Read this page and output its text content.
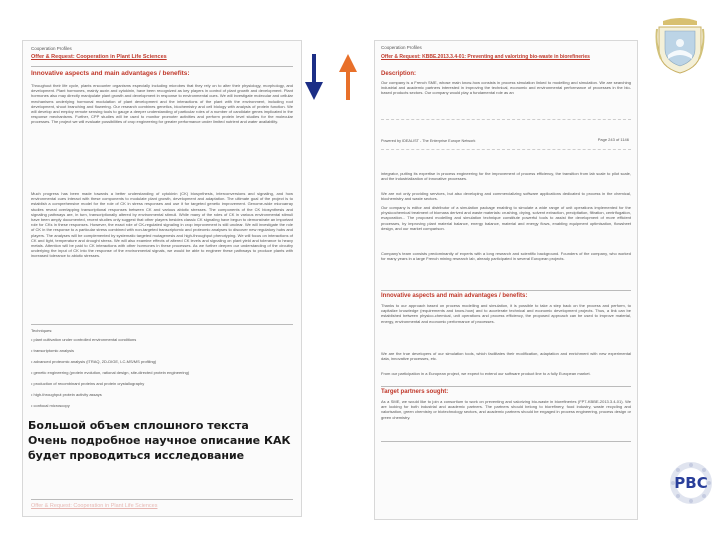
Cooperation Profiles
Offer & Request: Cooperation in Plant Life Sciences
Innovative aspects and main advantages / benefits:
Throughout their life cycle, plants encounter organisms especially including microbes that they rely on to alter their physiology, morphology, and development. Plant hormones, mainly auxin and cytokinin, have been recognized as key players in control of plant growth and development. Plant hormones also may directly manipulate plant growth and development in response to environmental cues. We will investigate molecular and cellular mechanisms underlying hormonal modulation of plant development and the interactions of the plant with the environment, including root development, shoot branching and flowering. Our research combines genetics, biochemistry and cell biology with analysis of protein function. We will develop and employ remote sensing tools to gauge a deeper understanding of particular roles of a number of candidate genes implicated in the response mechanisms. Further, CPP studies will be used to monitor promoter activities and perform protein level studies for the molecular processes. The project we will evaluate possibilities of crop engineering for greater performance under limited nutrient and water availability.
Much progress has been made towards a better understanding of cytokinin (CK) biosynthesis, interconversions and signaling, and how environmental cues interact with these components to modulate plant growth, development and adaptation. The ultimate goal of the project is to establish a comprehensive model for the role of CK in stress responses and use it for targeted genetic improvement. Genome-wide microarray studies reveal overlapping transcriptional responses between CK and various abiotic stresses. The components of the CK biosynthesis and signaling pathways are, in turn, transcriptionally altered by environmental stimuli. While many of the roles of CK in various environmental stimuli have been amply documented, recent studies only suggest that other players besides classic CK signaling have begun to demonstrate an important role for CKs in these responses. However, the exact role of CK-regulated signaling in crop improvement is still unclear. We will investigate the role of CK in the response to a particular stress combined with non-targeted transcriptomic and proteomic analyses to discover new regulatory hubs and players. The analyses will be complemented by systematic targeted mutagenesis and high-throughput phenotyping. We will focus on interactions of CK and light, temperature and drought stress. We will also examine effects of altered CK levels and signaling on plant yield and tolerance to heavy metals. Attention will be paid to CK interactions with other hormones in these processes. As we further deepen our understanding of the circuitry underlying the input of CK into the response of the environmental signals, we would be able to engineer these pathways to produce plants with increased tolerance to abiotic stresses.
Techniques:
• plant cultivation under controlled environmental conditions
• transcriptomic analysis
• advanced proteomic analysis (iTRAQ, 2D-DIGE, LC-MS/MS profiling)
• genetic engineering (protein evolution, rational design, site-directed protein engineering)
• production of recombinant proteins and protein crystallography
• high-throughput protein activity assays
• confocal microscopy
Offer & Request: Cooperation in Plant Life Sciences
Cooperation Profiles
Offer & Request: KBBE.2013.3.4-01: Preventing and valorizing bio-waste in biorefineries
Description:
Our company is a French SME, whose main know-how consists in process simulation linked to modelling and simulation. We are searching industrial and academic partners interested in improving the technical, economic and environmental performance of processes in the bio-based products sectors. Our company would play a fundamental role as an
Powered by IDEALIST - The Enterprise Europe Network	Page 243 of 1146
integrator, putting its expertise in process engineering for the improvement of process efficiency, the transition from lab scale to pilot scale, and the industrialization of innovative processes.
We are not only providing services, but also developing and commercializing software applications dedicated to process in the chemical, biochemistry and waste sectors.
Our company is editor and distributor of a simulation package enabling to simulate a wide range of unit operations implemented for the physicochemical treatment of biomass derived and waste materials: crushing, drying, solvent extraction, precipitation, filtration, centrifugation, evaporation... The proposed modelling and simulation technique constitute powerful tools to assist the development of more efficient processes, by improving plant material balance, energy balance, material and energy flows, enabling equipment optimisation, flowsheet design, and our market comparison.
Company's team consists predominantly of experts with a long research and scientific background. Founders of the company, who worked for many years in a large French mining research lab, already participated in several European projects.
Innovative aspects and main advantages / benefits:
Thanks to our approach based on process modelling and simulation, it is possible to take a step back on the process and perform, to capitalize knowledge (requirements and know-how) and to accelerate technical and economic development projects. Thus, a link can be established between physico-chemical, unit operations and process efficiency, the proposed approach can be used to improve material, energy, environmental and economic performance of processes.
We are the true developers of our simulation tools, which facilitates their modification, adaptation and enrichment with new experimental data, innovative processes, etc.
From our participation in a European project, we expect to extend our software product line to a fully European market.
Target partners sought:
As a SME, we would like to join a consortium to work on preventing and valorizing bio-waste in biorefineries (FP7-KBBE-2013.3.4-01). We are looking for both industrial and academic partners. The partners should belong to biorefinery, food industry, waste recycling and valorisation, green chemistry or biotechnology sectors, and academic partners should be engaged in process engineering, process design or green chemistry.
Большой объем сплошного текста
Очень подробное научное описание КАК
будет проводиться исследование
РВС
